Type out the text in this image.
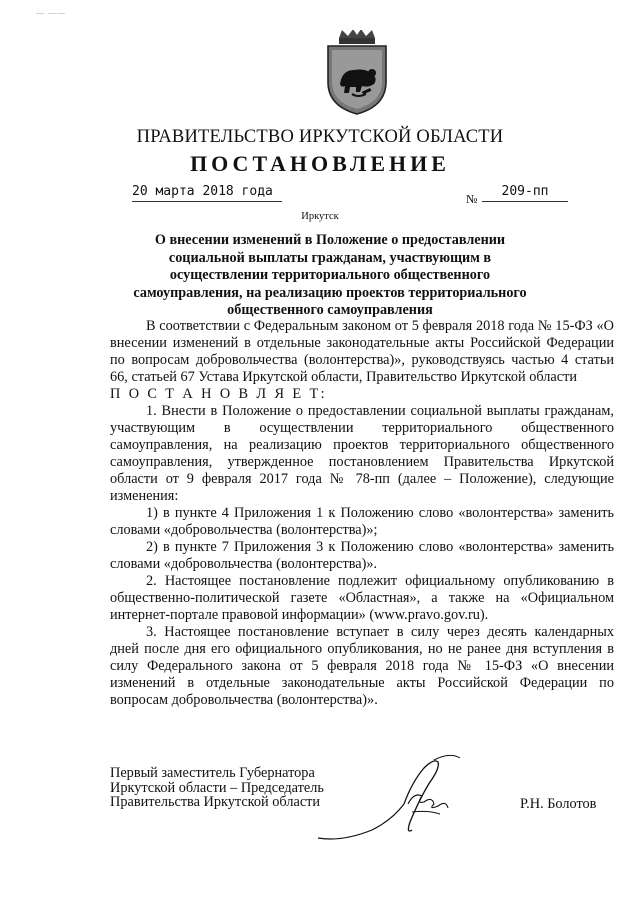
— ——
ПРАВИТЕЛЬСТВО ИРКУТСКОЙ ОБЛАСТИ
ПОСТАНОВЛЕНИЕ
20 марта 2018 года	№	209-пп
Иркутск
О внесении изменений в Положение о предоставлении социальной выплаты гражданам, участвующим в осуществлении территориального общественного самоуправления, на реализацию проектов территориального общественного самоуправления

В соответствии с Федеральным законом от 5 февраля 2018 года № 15-ФЗ «О внесении изменений в отдельные законодательные акты Российской Федерации по вопросам добровольчества (волонтерства)», руководствуясь частью 4 статьи 66, статьей 67 Устава Иркутской области, Правительство Иркутской области

П О С Т А Н О В Л Я Е Т:

1. Внести в Положение о предоставлении социальной выплаты гражданам, участвующим в осуществлении территориального общественного самоуправления, на реализацию проектов территориального общественного самоуправления, утвержденное постановлением Правительства Иркутской области от 9 февраля 2017 года № 78-пп (далее – Положение), следующие изменения:

1) в пункте 4 Приложения 1 к Положению слово «волонтерства» заменить словами «добровольчества (волонтерства)»;

2) в пункте 7 Приложения 3 к Положению слово «волонтерства» заменить словами «добровольчества (волонтерства)».

2. Настоящее постановление подлежит официальному опубликованию в общественно-политической газете «Областная», а также на «Официальном интернет-портале правовой информации» (www.pravo.gov.ru).

3. Настоящее постановление вступает в силу через десять календарных дней после дня его официального опубликования, но не ранее дня вступления в силу Федерального закона от 5 февраля 2018 года № 15-ФЗ «О внесении изменений в отдельные законодательные акты Российской Федерации по вопросам добровольчества (волонтерства)».

Первый заместитель Губернатора
Иркутской области – Председатель
Правительства Иркутской области	Р.Н. Болотов
